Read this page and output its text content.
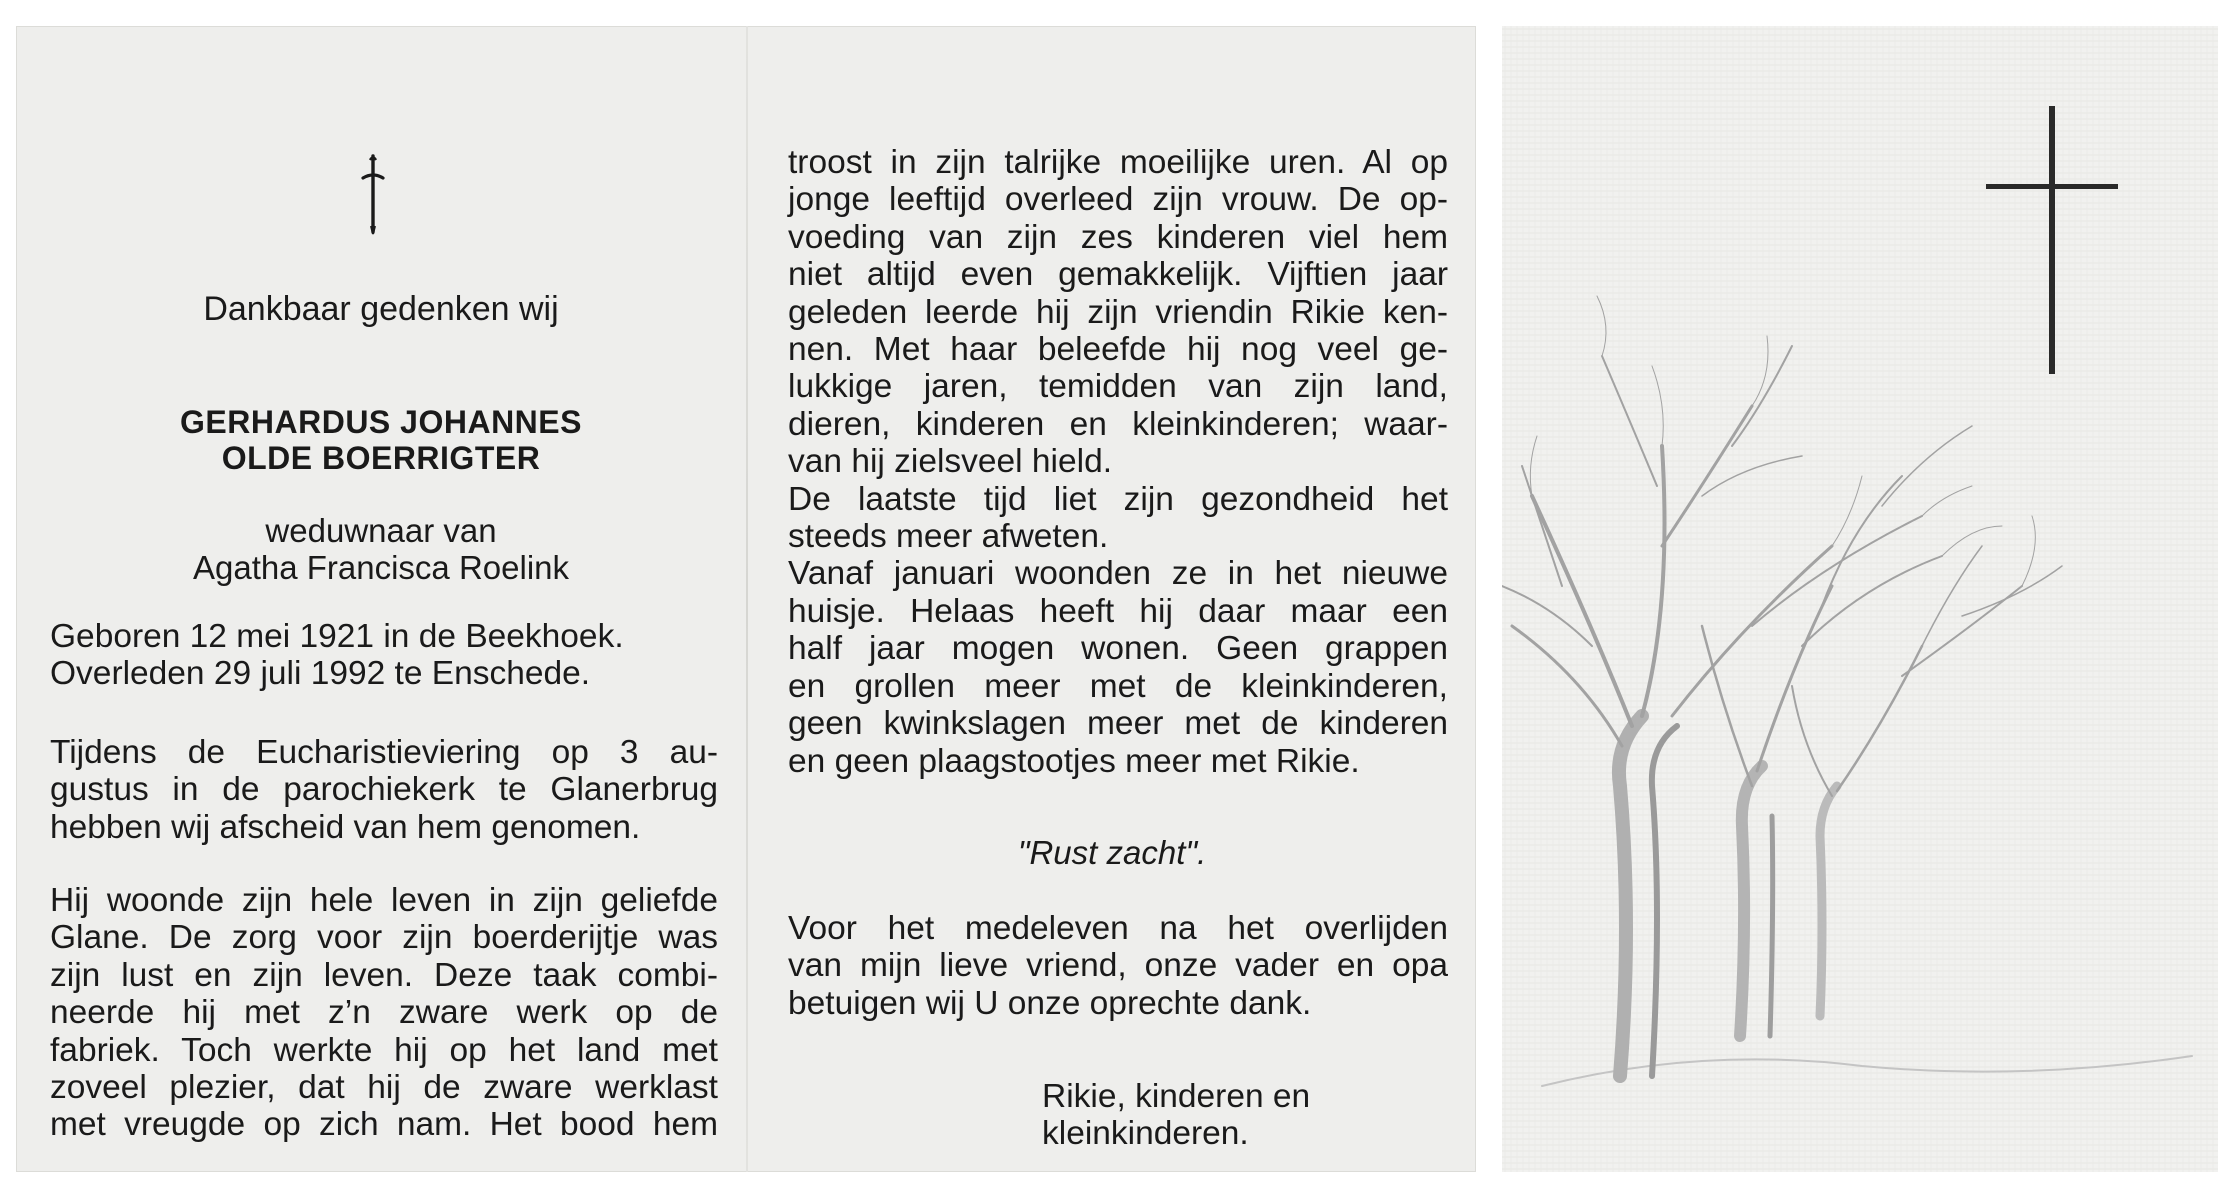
Dankbaar gedenken wij
GERHARDUS JOHANNES
OLDE BOERRIGTER
weduwnaar van
Agatha Francisca Roelink
Geboren 12 mei 1921 in de Beekhoek.
Overleden 29 juli 1992 te Enschede.
Tijdens de Eucharistieviering op 3 au-
gustus in de parochiekerk te Glanerbrug
hebben wij afscheid van hem genomen.
Hij woonde zijn hele leven in zijn geliefde
Glane. De zorg voor zijn boerderijtje was
zijn lust en zijn leven. Deze taak combi-
neerde hij met z’n zware werk op de
fabriek. Toch werkte hij op het land met
zoveel plezier, dat hij de zware werklast
met vreugde op zich nam. Het bood hem
troost in zijn talrijke moeilijke uren. Al op
jonge leeftijd overleed zijn vrouw. De op-
voeding van zijn zes kinderen viel hem
niet altijd even gemakkelijk. Vijftien jaar
geleden leerde hij zijn vriendin Rikie ken-
nen. Met haar beleefde hij nog veel ge-
lukkige jaren, temidden van zijn land,
dieren, kinderen en kleinkinderen; waar-
van hij zielsveel hield.
De laatste tijd liet zijn gezondheid het
steeds meer afweten.
Vanaf januari woonden ze in het nieuwe
huisje. Helaas heeft hij daar maar een
half jaar mogen wonen. Geen grappen
en grollen meer met de kleinkinderen,
geen kwinkslagen meer met de kinderen
en geen plaagstootjes meer met Rikie.
"Rust zacht".
Voor het medeleven na het overlijden
van mijn lieve vriend, onze vader en opa
betuigen wij U onze oprechte dank.
Rikie, kinderen en
kleinkinderen.
